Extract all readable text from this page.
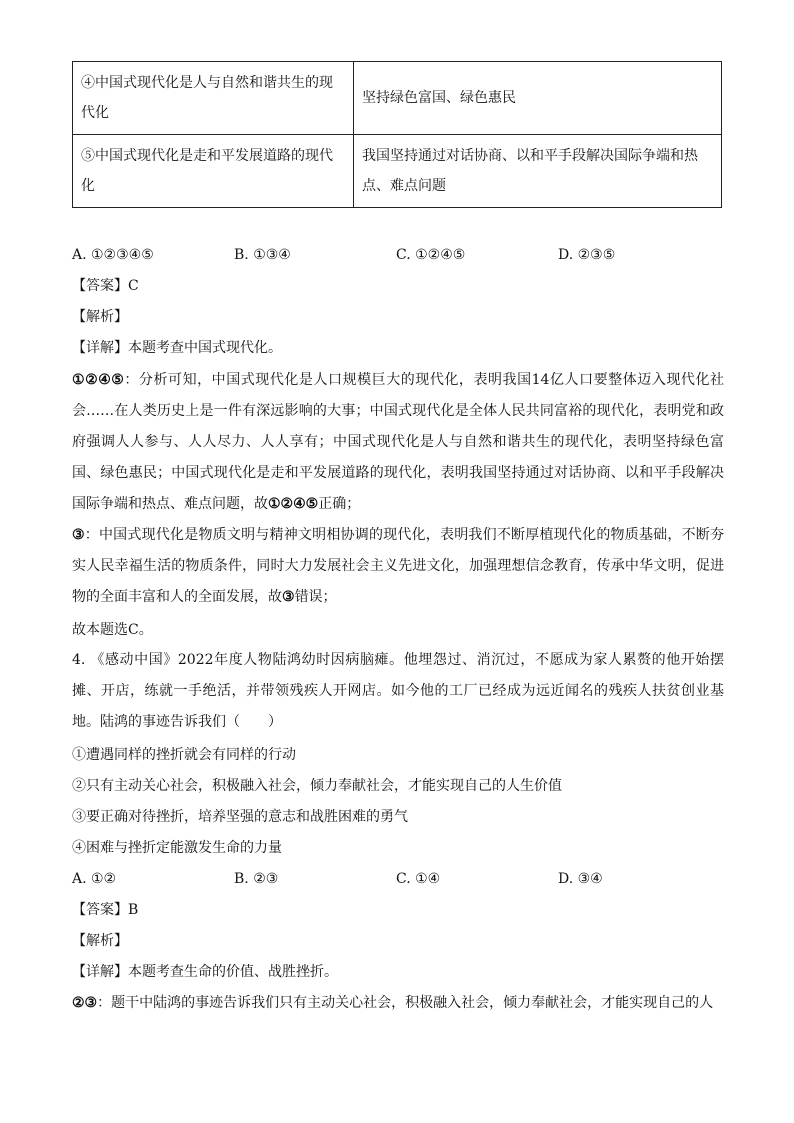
④中国式现代化是人与自然和谐共生的现代化	坚持绿色富国、绿色惠民
⑤中国式现代化是走和平发展道路的现代化	我国坚持通过对话协商、以和平手段解决国际争端和热点、难点问题
A. ①②③④⑤	B. ①③④	C. ①②④⑤	D. ②③⑤
【答案】C
【解析】
【详解】本题考查中国式现代化。
①②④⑤：分析可知，中国式现代化是人口规模巨大的现代化，表明我国14亿人口要整体迈入现代化社会……在人类历史上是一件有深远影响的大事；中国式现代化是全体人民共同富裕的现代化，表明党和政府强调人人参与、人人尽力、人人享有；中国式现代化是人与自然和谐共生的现代化，表明坚持绿色富国、绿色惠民；中国式现代化是走和平发展道路的现代化，表明我国坚持通过对话协商、以和平手段解决国际争端和热点、难点问题，故①②④⑤正确；
③：中国式现代化是物质文明与精神文明相协调的现代化，表明我们不断厚植现代化的物质基础，不断夯实人民幸福生活的物质条件，同时大力发展社会主义先进文化，加强理想信念教育，传承中华文明，促进物的全面丰富和人的全面发展，故③错误；
故本题选C。
4. 《感动中国》2022年度人物陆鸿幼时因病脑瘫。他埋怨过、消沉过，不愿成为家人累赘的他开始摆摊、开店，练就一手绝活，并带领残疾人开网店。如今他的工厂已经成为远近闻名的残疾人扶贫创业基地。陆鸿的事迹告诉我们（　　）
①遭遇同样的挫折就会有同样的行动
②只有主动关心社会，积极融入社会，倾力奉献社会，才能实现自己的人生价值
③要正确对待挫折，培养坚强的意志和战胜困难的勇气
④困难与挫折定能激发生命的力量
A. ①②	B. ②③	C. ①④	D. ③④
【答案】B
【解析】
【详解】本题考查生命的价值、战胜挫折。
②③：题干中陆鸿的事迹告诉我们只有主动关心社会，积极融入社会，倾力奉献社会，才能实现自己的人
